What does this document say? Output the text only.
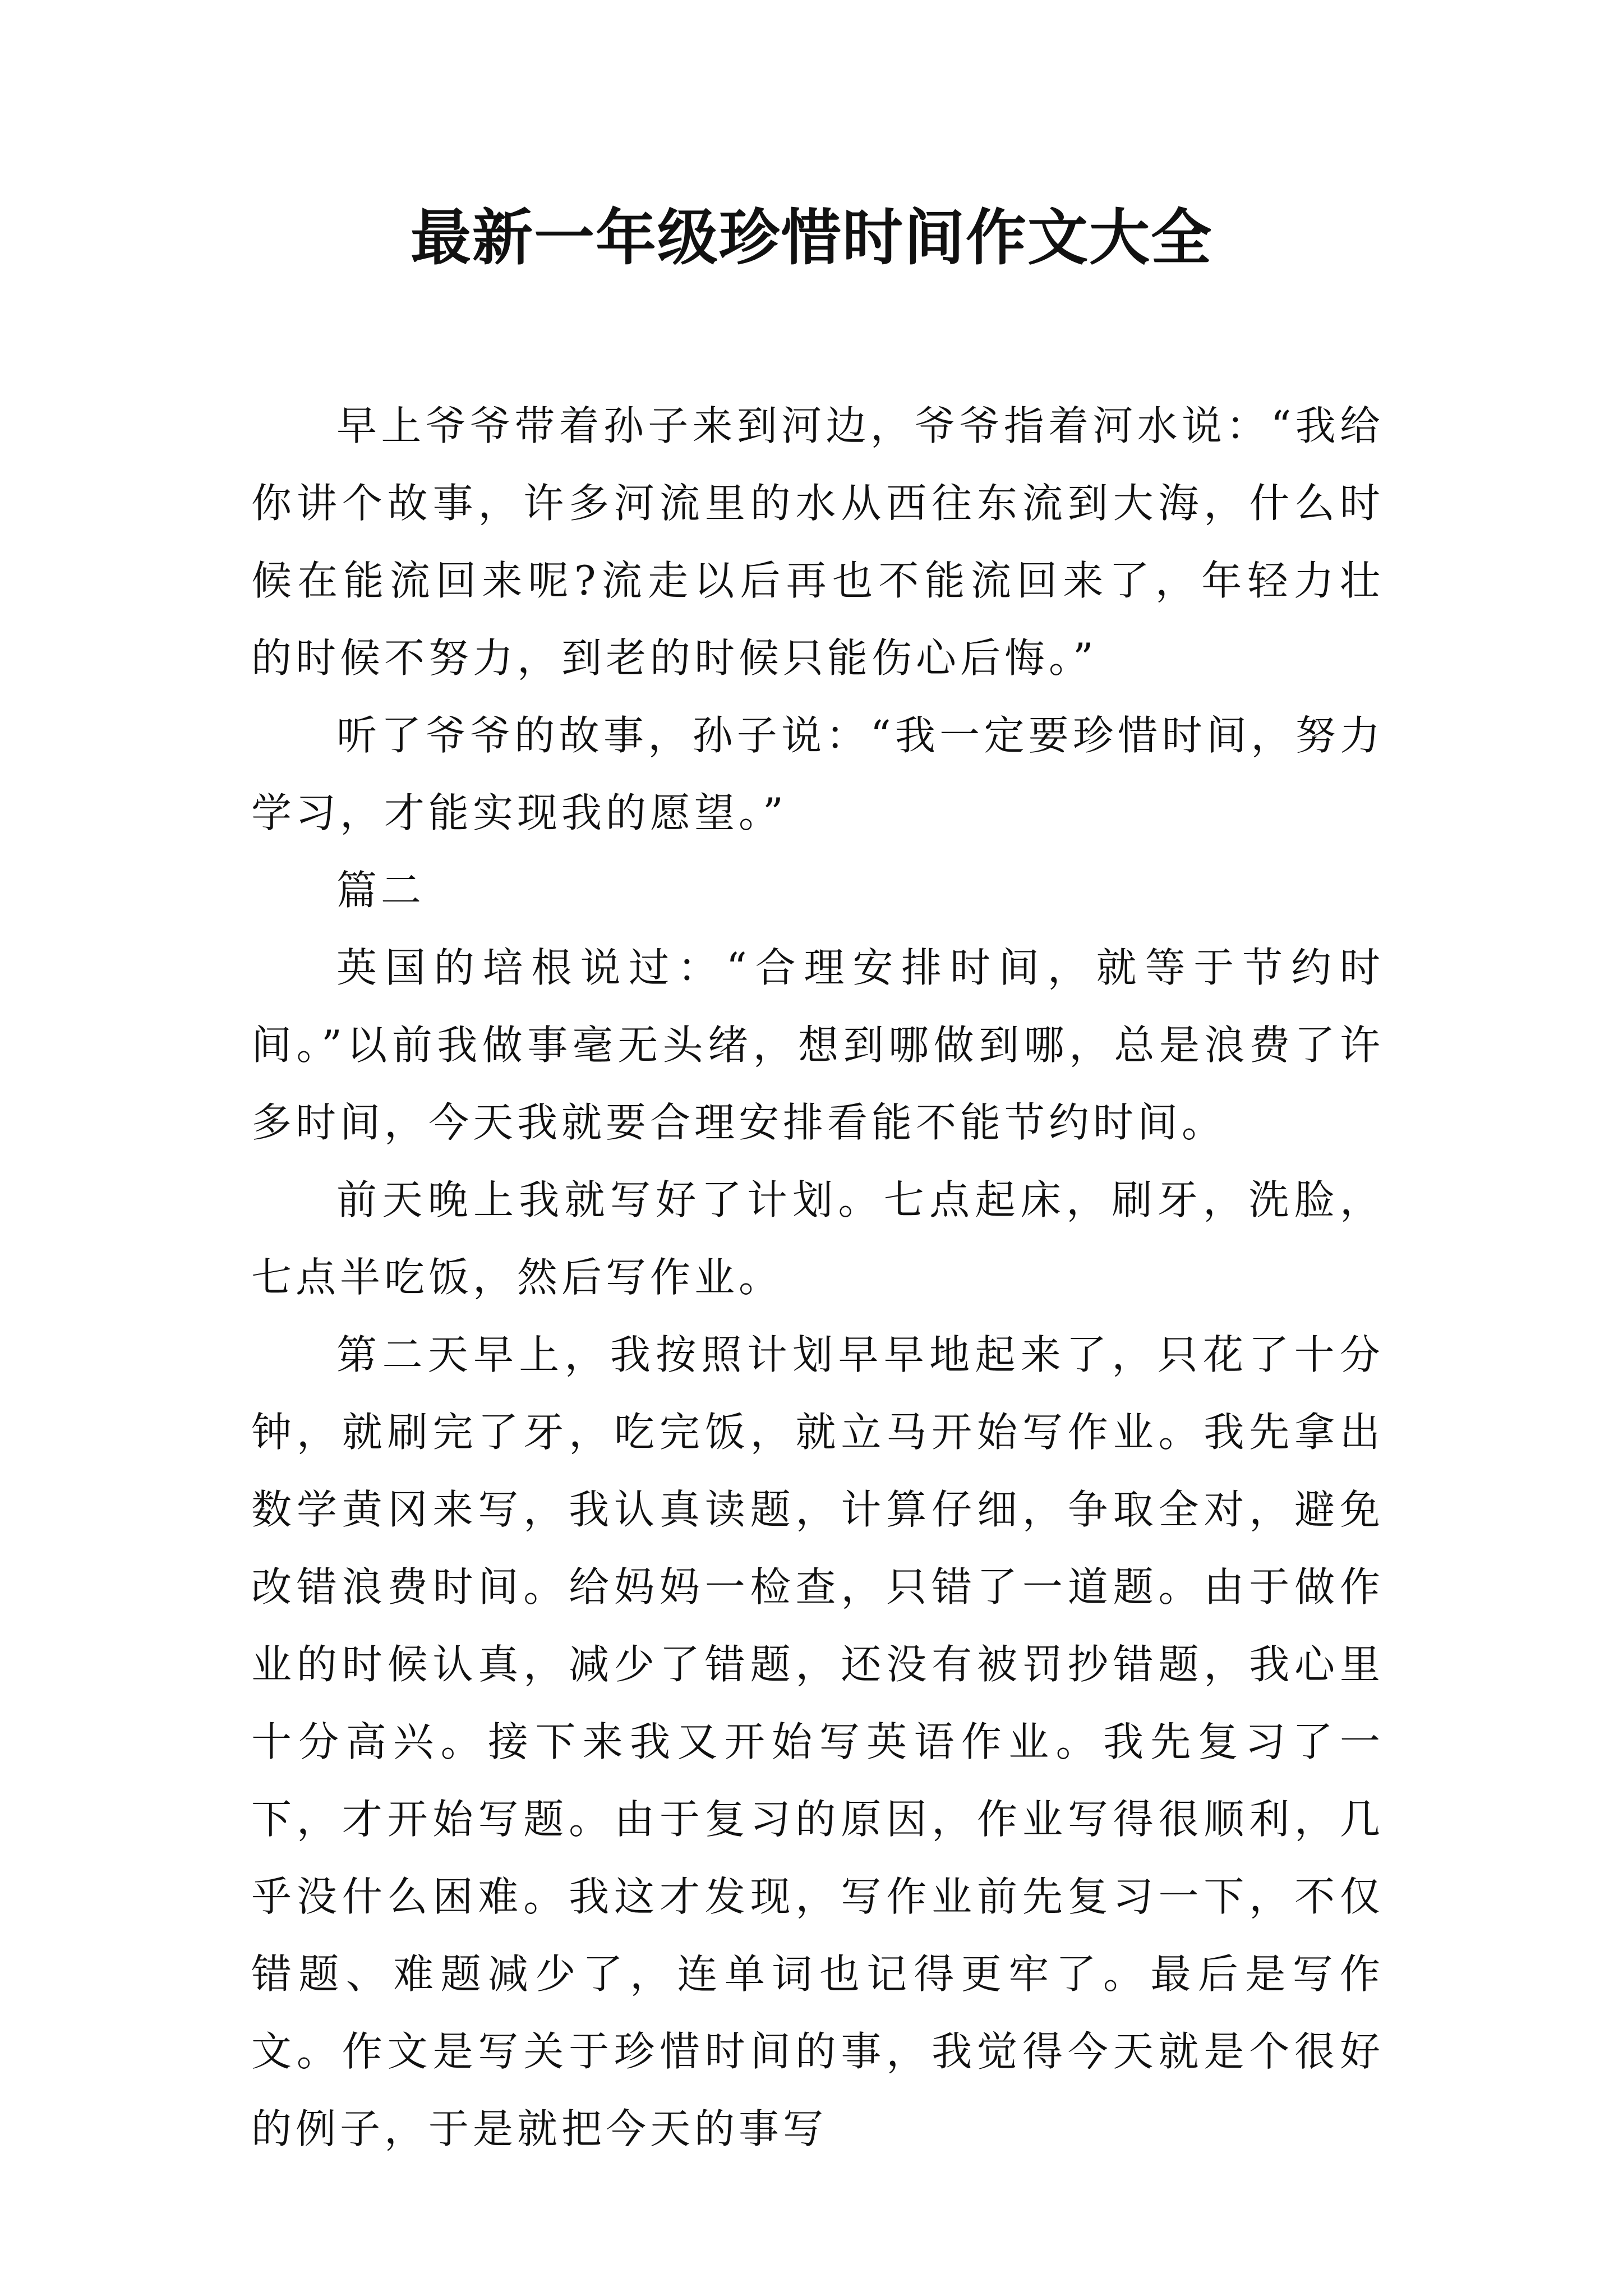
最新一年级珍惜时间作文大全

早上爷爷带着孙子来到河边，爷爷指着河水说：“我给你讲个故事，许多河流里的水从西往东流到大海，什么时候在能流回来呢?流走以后再也不能流回来了，年轻力壮的时候不努力，到老的时候只能伤心后悔。”

听了爷爷的故事，孙子说：“我一定要珍惜时间，努力学习，才能实现我的愿望。”

篇二

英国的培根说过：“合理安排时间，就等于节约时间。”以前我做事毫无头绪，想到哪做到哪，总是浪费了许多时间，今天我就要合理安排看能不能节约时间。

前天晚上我就写好了计划。七点起床，刷牙，洗脸，七点半吃饭，然后写作业。

第二天早上，我按照计划早早地起来了，只花了十分钟，就刷完了牙，吃完饭，就立马开始写作业。我先拿出数学黄冈来写，我认真读题，计算仔细，争取全对，避免改错浪费时间。给妈妈一检查，只错了一道题。由于做作业的时候认真，减少了错题，还没有被罚抄错题，我心里十分高兴。接下来我又开始写英语作业。我先复习了一下，才开始写题。由于复习的原因，作业写得很顺利，几乎没什么困难。我这才发现，写作业前先复习一下，不仅错题、难题减少了，连单词也记得更牢了。最后是写作文。作文是写关于珍惜时间的事，我觉得今天就是个很好的例子，于是就把今天的事写
